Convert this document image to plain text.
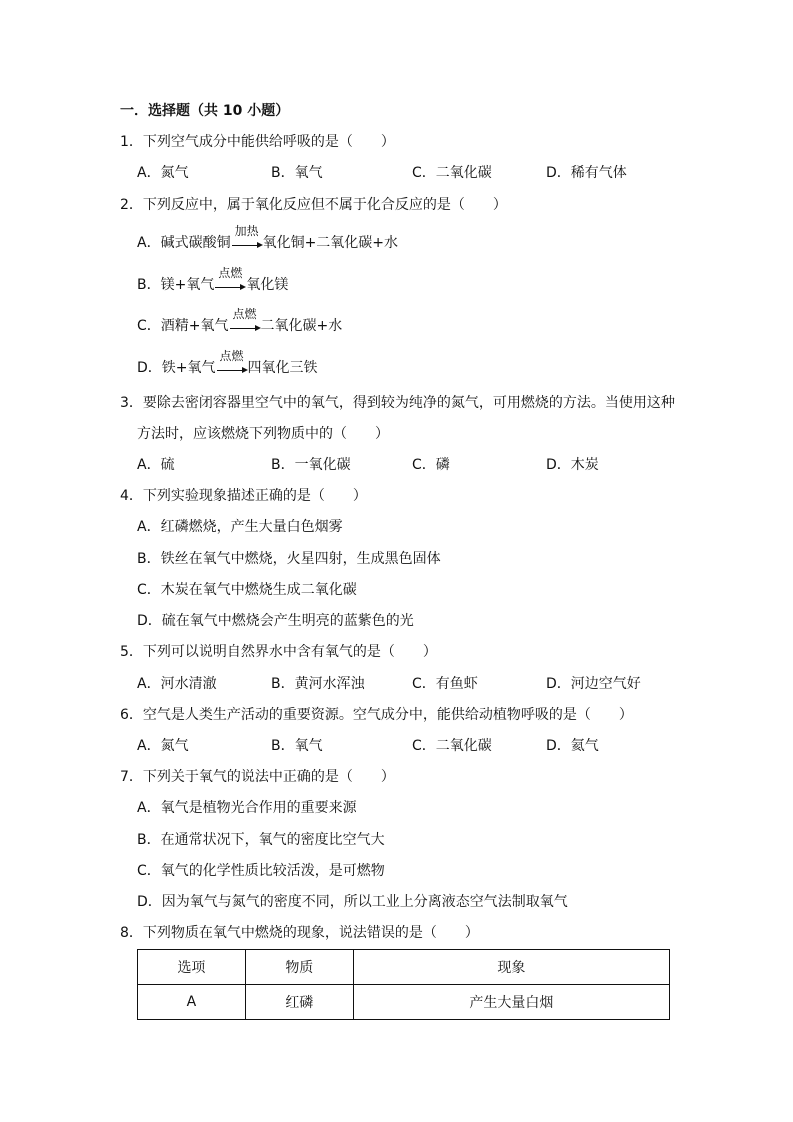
一．选择题（共 10 小题）
1．下列空气成分中能供给呼吸的是（　　）
A．氮气	B．氧气	C．二氧化碳	D．稀有气体
2．下列反应中，属于氧化反应但不属于化合反应的是（　　）
A．碱式碳酸铜
加热
氧化铜+二氧化碳+水
B．镁+氧气
点燃
氧化镁
C．酒精+氧气
点燃
二氧化碳+水
D．铁+氧气
点燃
四氧化三铁
3．要除去密闭容器里空气中的氧气，得到较为纯净的氮气，可用燃烧的方法。当使用这种
方法时，应该燃烧下列物质中的（　　）
A．硫	B．一氧化碳	C．磷	D．木炭
4．下列实验现象描述正确的是（　　）
A．红磷燃烧，产生大量白色烟雾
B．铁丝在氧气中燃烧，火星四射，生成黑色固体
C．木炭在氧气中燃烧生成二氧化碳
D．硫在氧气中燃烧会产生明亮的蓝紫色的光
5．下列可以说明自然界水中含有氧气的是（　　）
A．河水清澈	B．黄河水浑浊	C．有鱼虾	D．河边空气好
6．空气是人类生产活动的重要资源。空气成分中，能供给动植物呼吸的是（　　）
A．氮气	B．氧气	C．二氧化碳	D．氦气
7．下列关于氧气的说法中正确的是（　　）
A．氧气是植物光合作用的重要来源
B．在通常状况下，氧气的密度比空气大
C．氧气的化学性质比较活泼，是可燃物
D．因为氧气与氮气的密度不同，所以工业上分离液态空气法制取氧气
8．下列物质在氧气中燃烧的现象，说法错误的是（　　）
选项	物质	现象
A	红磷	产生大量白烟
